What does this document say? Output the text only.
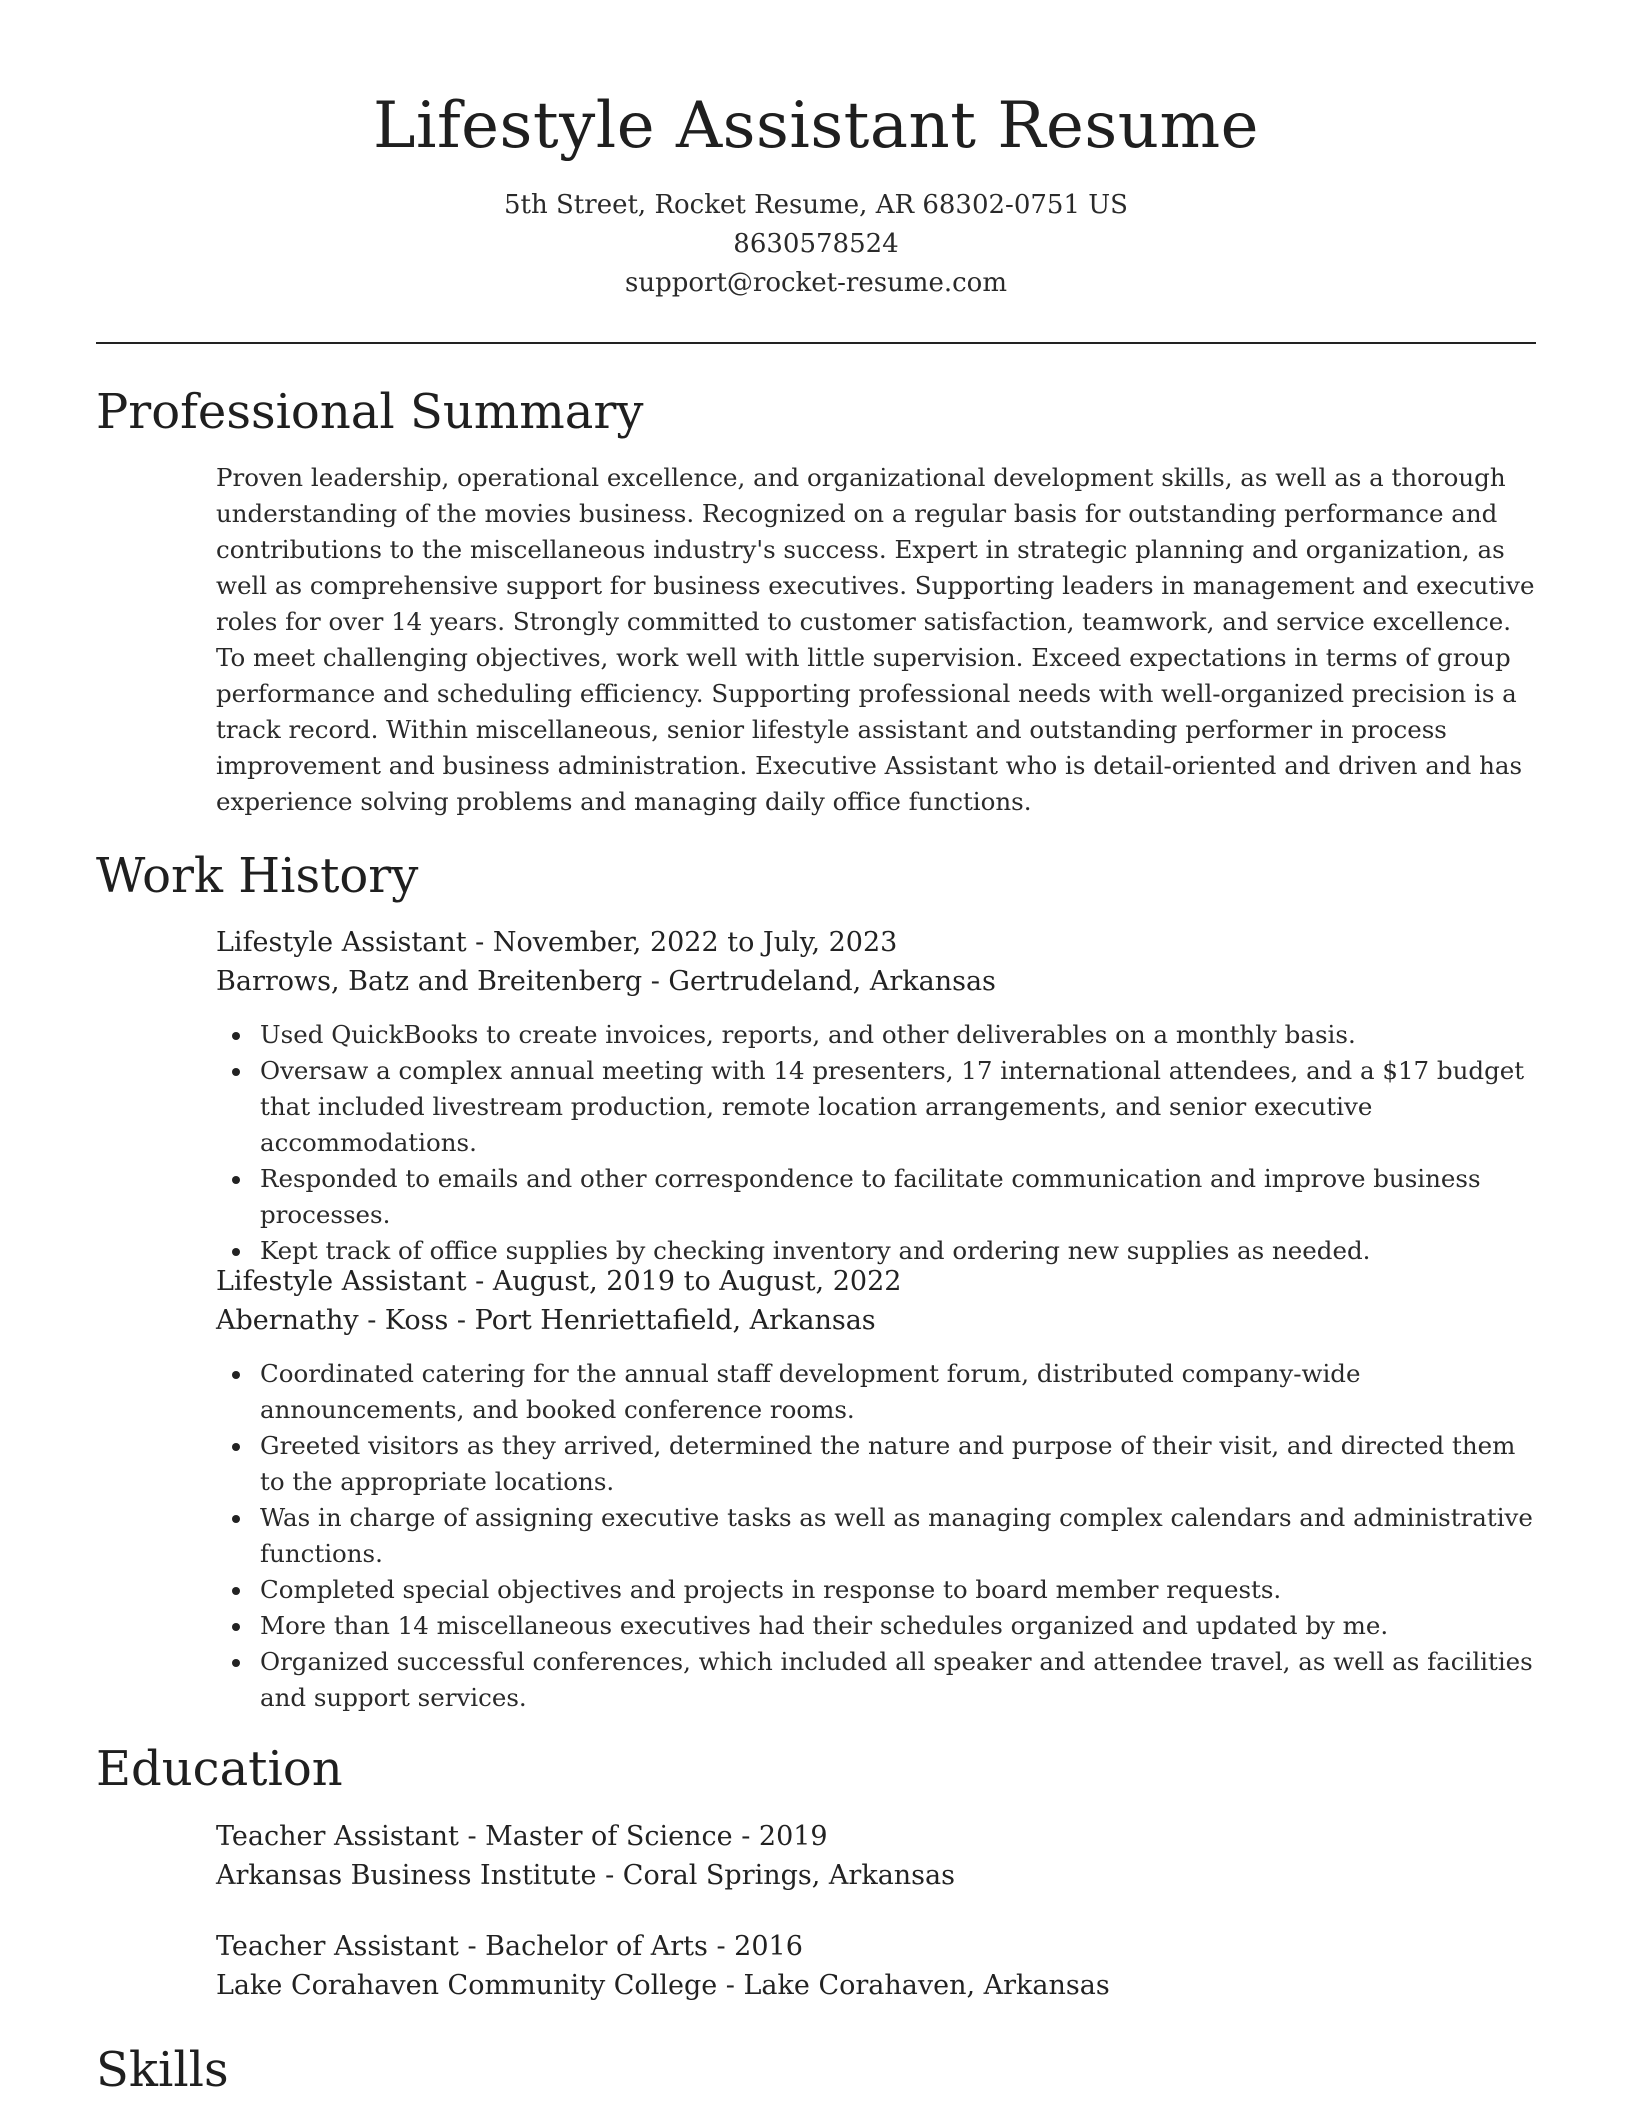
Lifestyle Assistant Resume
5th Street, Rocket Resume, AR 68302-0751 US
8630578524
support@rocket-resume.com
Professional Summary

Proven leadership, operational excellence, and organizational development skills, as well as a thorough understanding of the movies business. Recognized on a regular basis for outstanding performance and contributions to the miscellaneous industry's success. Expert in strategic planning and organization, as well as comprehensive support for business executives. Supporting leaders in management and executive roles for over 14 years. Strongly committed to customer satisfaction, teamwork, and service excellence. To meet challenging objectives, work well with little supervision. Exceed expectations in terms of group performance and scheduling efficiency. Supporting professional needs with well-organized precision is a track record. Within miscellaneous, senior lifestyle assistant and outstanding performer in process improvement and business administration. Executive Assistant who is detail-oriented and driven and has experience solving problems and managing daily office functions.

Work History
Lifestyle Assistant - November, 2022 to July, 2023
Barrows, Batz and Breitenberg - Gertrudeland, Arkansas
Used QuickBooks to create invoices, reports, and other deliverables on a monthly basis.
Oversaw a complex annual meeting with 14 presenters, 17 international attendees, and a $17 budget that included livestream production, remote location arrangements, and senior executive accommodations.
Responded to emails and other correspondence to facilitate communication and improve business processes.
Kept track of office supplies by checking inventory and ordering new supplies as needed.
Lifestyle Assistant - August, 2019 to August, 2022
Abernathy - Koss - Port Henriettafield, Arkansas
Coordinated catering for the annual staff development forum, distributed company-wide announcements, and booked conference rooms.
Greeted visitors as they arrived, determined the nature and purpose of their visit, and directed them to the appropriate locations.
Was in charge of assigning executive tasks as well as managing complex calendars and administrative functions.
Completed special objectives and projects in response to board member requests.
More than 14 miscellaneous executives had their schedules organized and updated by me.
Organized successful conferences, which included all speaker and attendee travel, as well as facilities and support services.
Education
Teacher Assistant - Master of Science - 2019
Arkansas Business Institute - Coral Springs, Arkansas
Teacher Assistant - Bachelor of Arts - 2016
Lake Corahaven Community College - Lake Corahaven, Arkansas
Skills
